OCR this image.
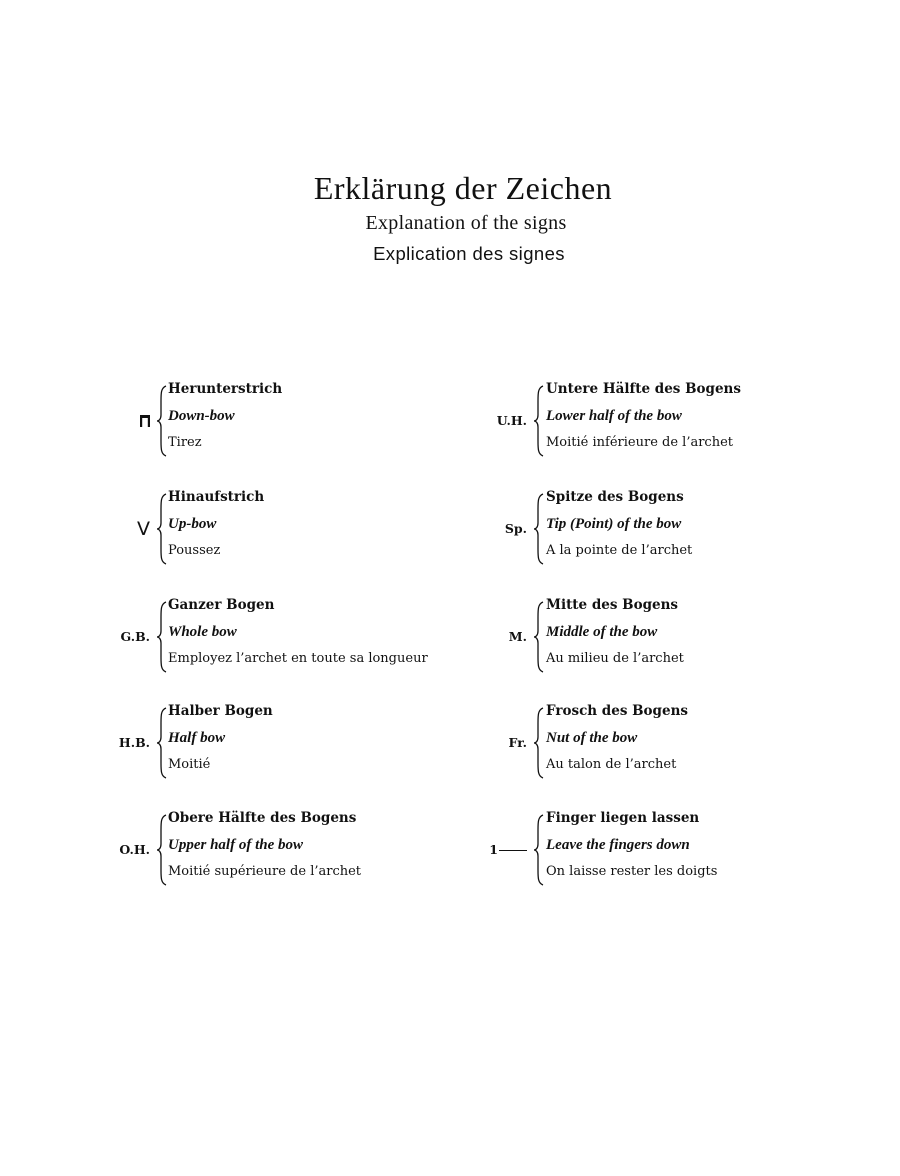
Erklärung der Zeichen
Explanation of the signs
Explication des signes
Herunterstrich
Down-bow
Tirez
V
Hinaufstrich
Up-bow
Poussez
G.B.
Ganzer Bogen
Whole bow
Employez l’archet en toute sa longueur
H.B.
Halber Bogen
Half bow
Moitié
O.H.
Obere Hälfte des Bogens
Upper half of the bow
Moitié supérieure de l’archet
U.H.
Untere Hälfte des Bogens
Lower half of the bow
Moitié inférieure de l’archet
Sp.
Spitze des Bogens
Tip (Point) of the bow
A la pointe de l’archet
M.
Mitte des Bogens
Middle of the bow
Au milieu de l’archet
Fr.
Frosch des Bogens
Nut of the bow
Au talon de l’archet
1
Finger liegen lassen
Leave the fingers down
On laisse rester les doigts
